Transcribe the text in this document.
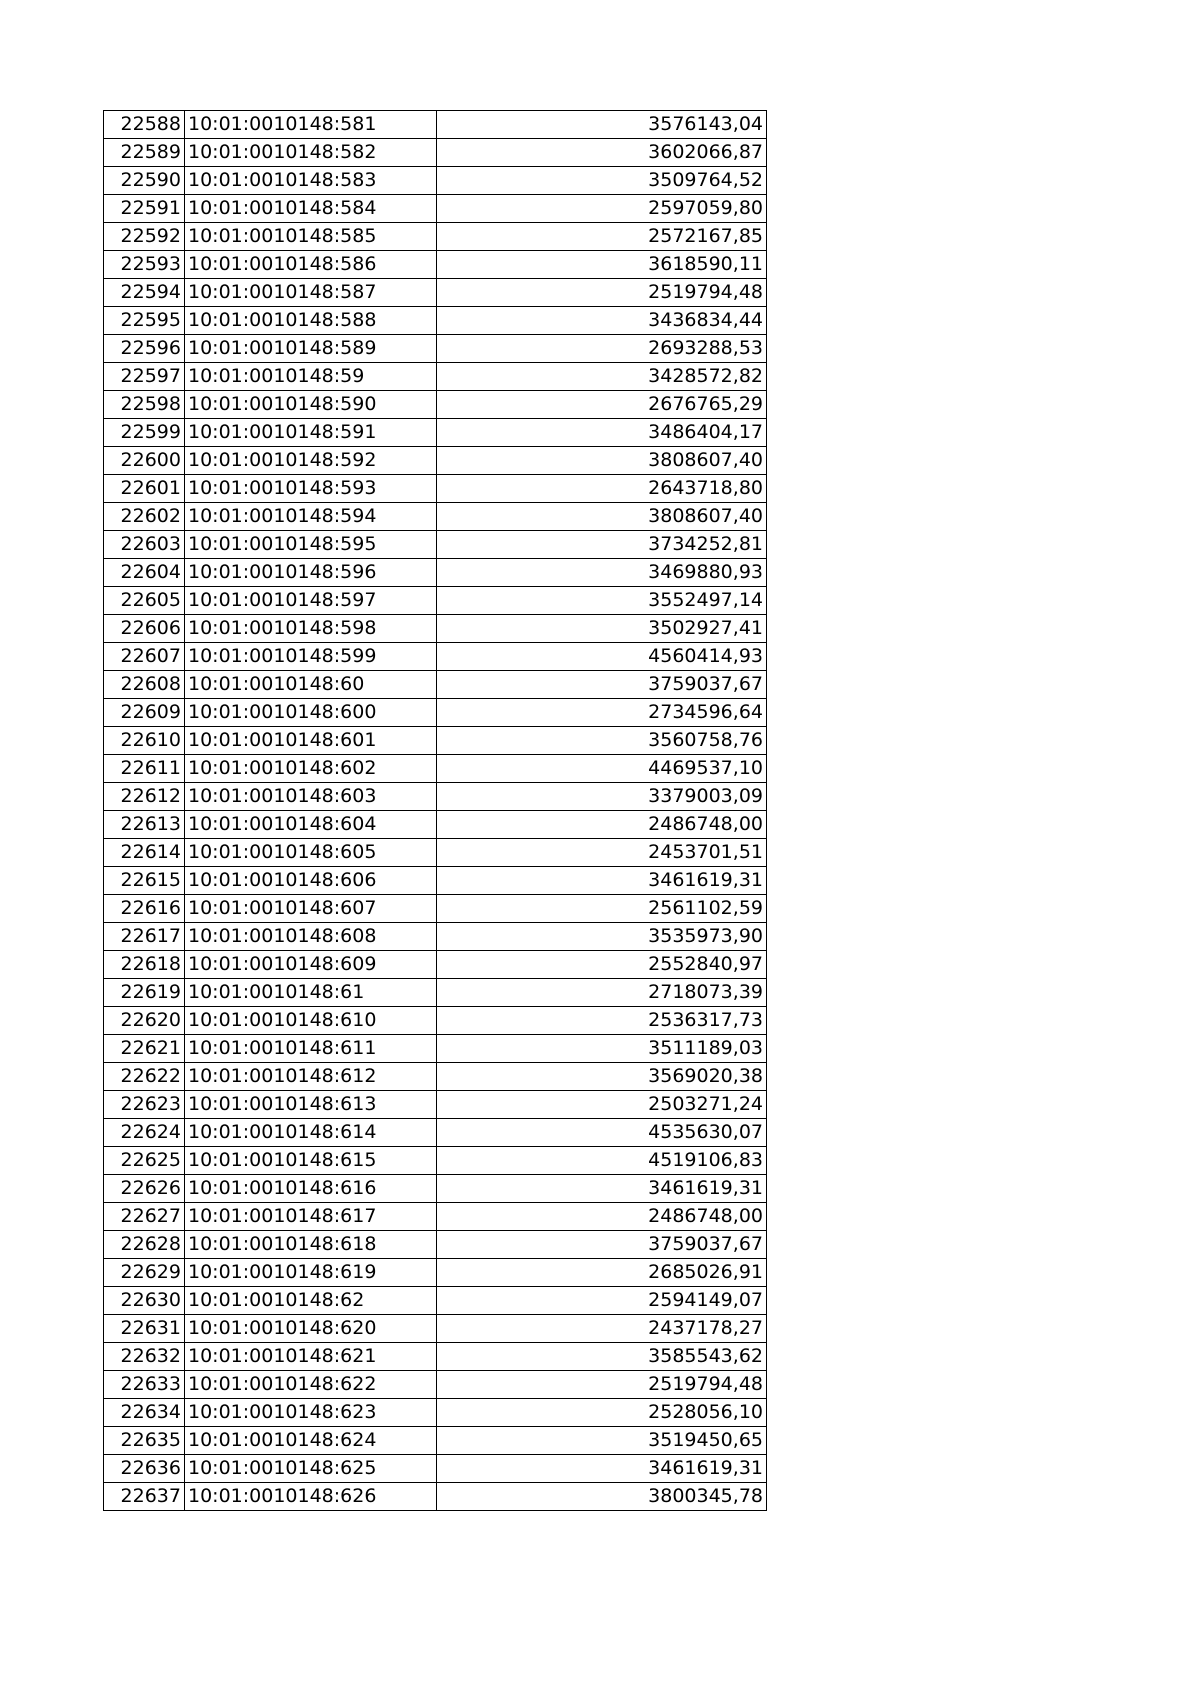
22588	10:01:0010148:581	3576143,04
22589	10:01:0010148:582	3602066,87
22590	10:01:0010148:583	3509764,52
22591	10:01:0010148:584	2597059,80
22592	10:01:0010148:585	2572167,85
22593	10:01:0010148:586	3618590,11
22594	10:01:0010148:587	2519794,48
22595	10:01:0010148:588	3436834,44
22596	10:01:0010148:589	2693288,53
22597	10:01:0010148:59	3428572,82
22598	10:01:0010148:590	2676765,29
22599	10:01:0010148:591	3486404,17
22600	10:01:0010148:592	3808607,40
22601	10:01:0010148:593	2643718,80
22602	10:01:0010148:594	3808607,40
22603	10:01:0010148:595	3734252,81
22604	10:01:0010148:596	3469880,93
22605	10:01:0010148:597	3552497,14
22606	10:01:0010148:598	3502927,41
22607	10:01:0010148:599	4560414,93
22608	10:01:0010148:60	3759037,67
22609	10:01:0010148:600	2734596,64
22610	10:01:0010148:601	3560758,76
22611	10:01:0010148:602	4469537,10
22612	10:01:0010148:603	3379003,09
22613	10:01:0010148:604	2486748,00
22614	10:01:0010148:605	2453701,51
22615	10:01:0010148:606	3461619,31
22616	10:01:0010148:607	2561102,59
22617	10:01:0010148:608	3535973,90
22618	10:01:0010148:609	2552840,97
22619	10:01:0010148:61	2718073,39
22620	10:01:0010148:610	2536317,73
22621	10:01:0010148:611	3511189,03
22622	10:01:0010148:612	3569020,38
22623	10:01:0010148:613	2503271,24
22624	10:01:0010148:614	4535630,07
22625	10:01:0010148:615	4519106,83
22626	10:01:0010148:616	3461619,31
22627	10:01:0010148:617	2486748,00
22628	10:01:0010148:618	3759037,67
22629	10:01:0010148:619	2685026,91
22630	10:01:0010148:62	2594149,07
22631	10:01:0010148:620	2437178,27
22632	10:01:0010148:621	3585543,62
22633	10:01:0010148:622	2519794,48
22634	10:01:0010148:623	2528056,10
22635	10:01:0010148:624	3519450,65
22636	10:01:0010148:625	3461619,31
22637	10:01:0010148:626	3800345,78
